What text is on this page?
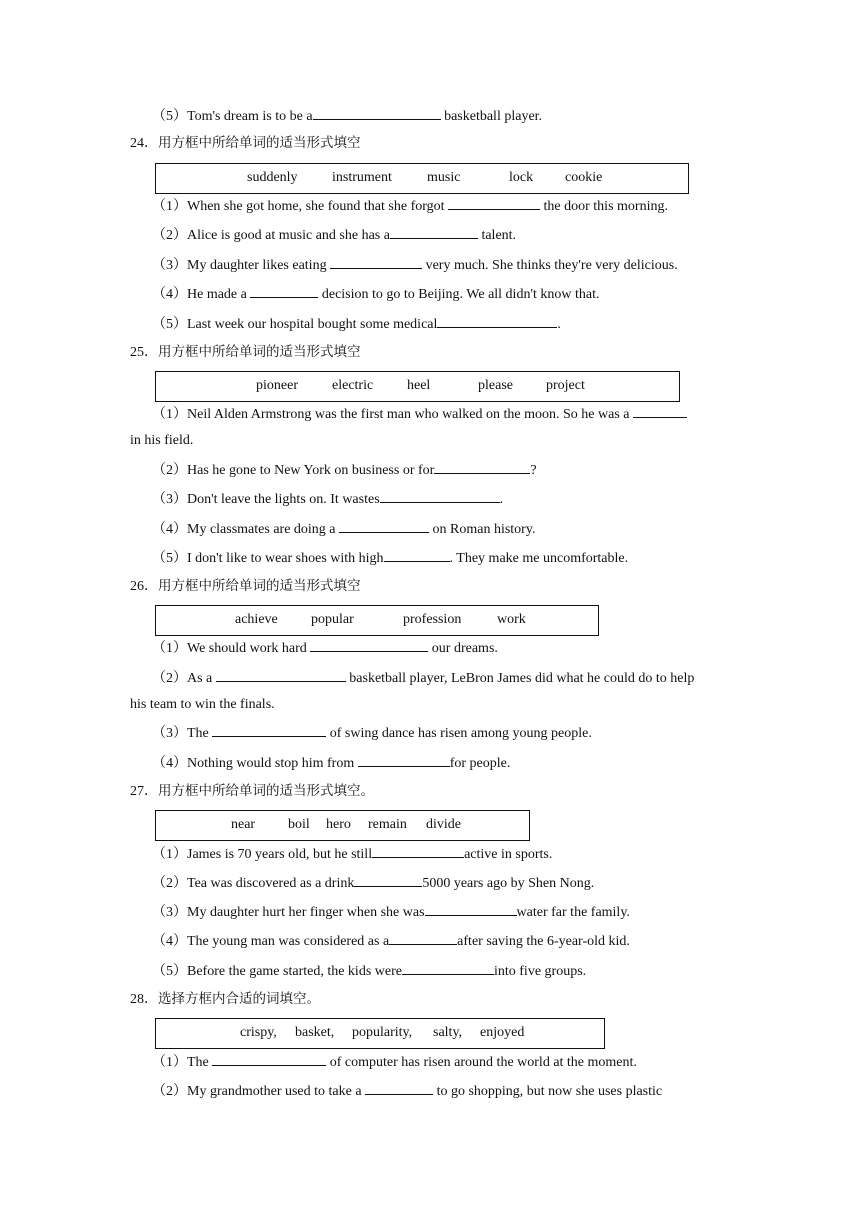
（5）Tom's dream is to be a	basketball player.
24．用方框中所给单词的适当形式填空
suddenly instrument	music	lock cookie
（1）When she got home, she found that she forgot	the door this morning.
（2）Alice is good at music and she has a	talent.
（3）My daughter likes eating	very much. She thinks they're very delicious.
（4）He made a	decision to go to Beijing. We all didn't know that.
（5）Last week our hospital bought some medical	.
25．用方框中所给单词的适当形式填空
pioneer electric heel	please project
（1）Neil Alden Armstrong was the first man who walked on the moon. So he was a
in his field.
（2）Has he gone to New York on business or for	?
（3）Don't leave the lights on. It wastes	.
（4）My classmates are doing a	on Roman history.
（5）I don't like to wear shoes with high	. They make me uncomfortable.
26．用方框中所给单词的适当形式填空
achieve popular	profession	work
（1）We should work hard	our dreams.
（2）As a	basketball player, LeBron James did what he could do to help
his team to win the finals.
（3）The	of swing dance has risen among young people.
（4）Nothing would stop him from	for people.
27．用方框中所给单词的适当形式填空。
near boil hero remain divide
（1）James is 70 years old, but he still	active in sports.
（2）Tea was discovered as a drink	5000 years ago by Shen Nong.
（3）My daughter hurt her finger when she was	water far the family.
（4）The young man was considered as a	after saving the 6-year-old kid.
（5）Before the game started, the kids were	into five groups.
28．选择方框内合适的词填空。
crispy, basket, popularity, salty, enjoyed
（1）The	of computer has risen around the world at the moment.
（2）My grandmother used to take a	to go shopping, but now she uses plastic
